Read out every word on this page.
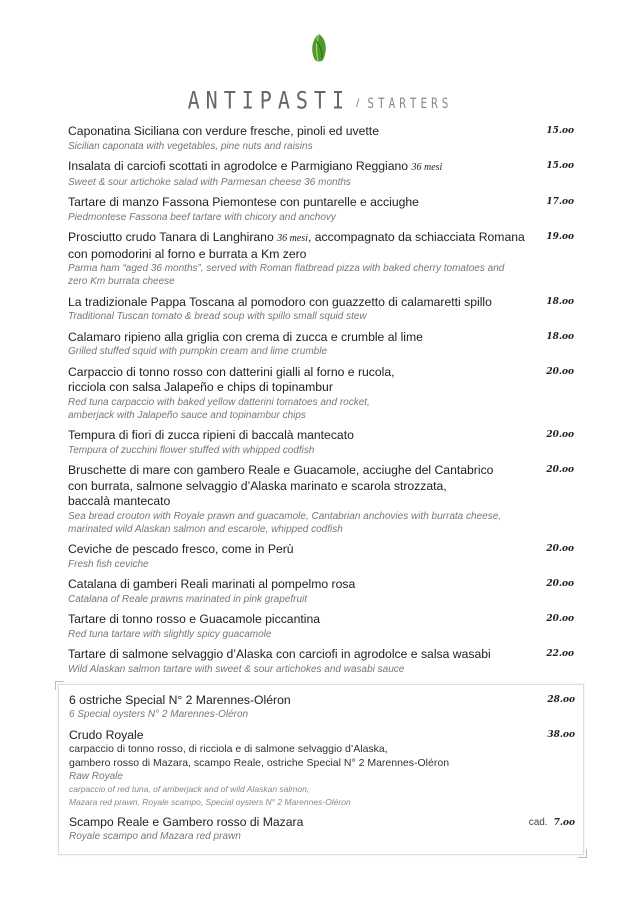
ANTIPASTI / STARTERS
Caponatina Siciliana con verdure fresche, pinoli ed uvette
Sicilian caponata with vegetables, pine nuts and raisins
15.oo
Insalata di carciofi scottati in agrodolce e Parmigiano Reggiano 36 mesi
Sweet & sour artichoke salad with Parmesan cheese 36 months
15.oo
Tartare di manzo Fassona Piemontese con puntarelle e acciughe
Piedmontese Fassona beef tartare with chicory and anchovy
17.oo
Prosciutto crudo Tanara di Langhirano 36 mesi, accompagnato da schiacciata Romana con pomodorini al forno e burrata a Km zero
Parma ham “aged 36 months”, served with Roman flatbread pizza with baked cherry tomatoes and zero Km burrata cheese
19.oo
La tradizionale Pappa Toscana al pomodoro con guazzetto di calamaretti spillo
Traditional Tuscan tomato & bread soup with spillo small squid stew
18.oo
Calamaro ripieno alla griglia con crema di zucca e crumble al lime
Grilled stuffed squid with pumpkin cream and lime crumble
18.oo
Carpaccio di tonno rosso con datterini gialli al forno e rucola,
ricciola con salsa Jalapeño e chips di topinambur
Red tuna carpaccio with baked yellow datterini tomatoes and rocket,
amberjack with Jalapeño sauce and topinambur chips
20.oo
Tempura di fiori di zucca ripieni di baccalà mantecato
Tempura of zucchini flower stuffed with whipped codfish
20.oo
Bruschette di mare con gambero Reale e Guacamole, acciughe del Cantabrico
con burrata, salmone selvaggio d’Alaska marinato e scarola strozzata,
baccalà mantecato
Sea bread crouton with Royale prawn and guacamole, Cantabrian anchovies with burrata cheese,
marinated wild Alaskan salmon and escarole, whipped codfish
20.oo
Ceviche de pescado fresco, come in Perù
Fresh fish ceviche
20.oo
Catalana di gamberi Reali marinati al pompelmo rosa
Catalana of Reale prawns marinated in pink grapefruit
20.oo
Tartare di tonno rosso e Guacamole piccantina
Red tuna tartare with slightly spicy guacamole
20.oo
Tartare di salmone selvaggio d’Alaska con carciofi in agrodolce e salsa wasabi
Wild Alaskan salmon tartare with sweet & sour artichokes and wasabi sauce
22.oo
6 ostriche Special N° 2 Marennes-Oléron
6 Special oysters N° 2 Marennes-Oléron
28.oo
Crudo Royale
carpaccio di tonno rosso, di ricciola e di salmone selvaggio d’Alaska,
gambero rosso di Mazara, scampo Reale, ostriche Special N° 2 Marennes-Oléron
Raw Royale
carpaccio of red tuna, of amberjack and of wild Alaskan salmon,
Mazara red prawn, Royale scampo, Special oysters N° 2 Marennes-Oléron
38.oo
Scampo Reale e Gambero rosso di Mazara
Royale scampo and Mazara red prawn
cad. 7.oo
